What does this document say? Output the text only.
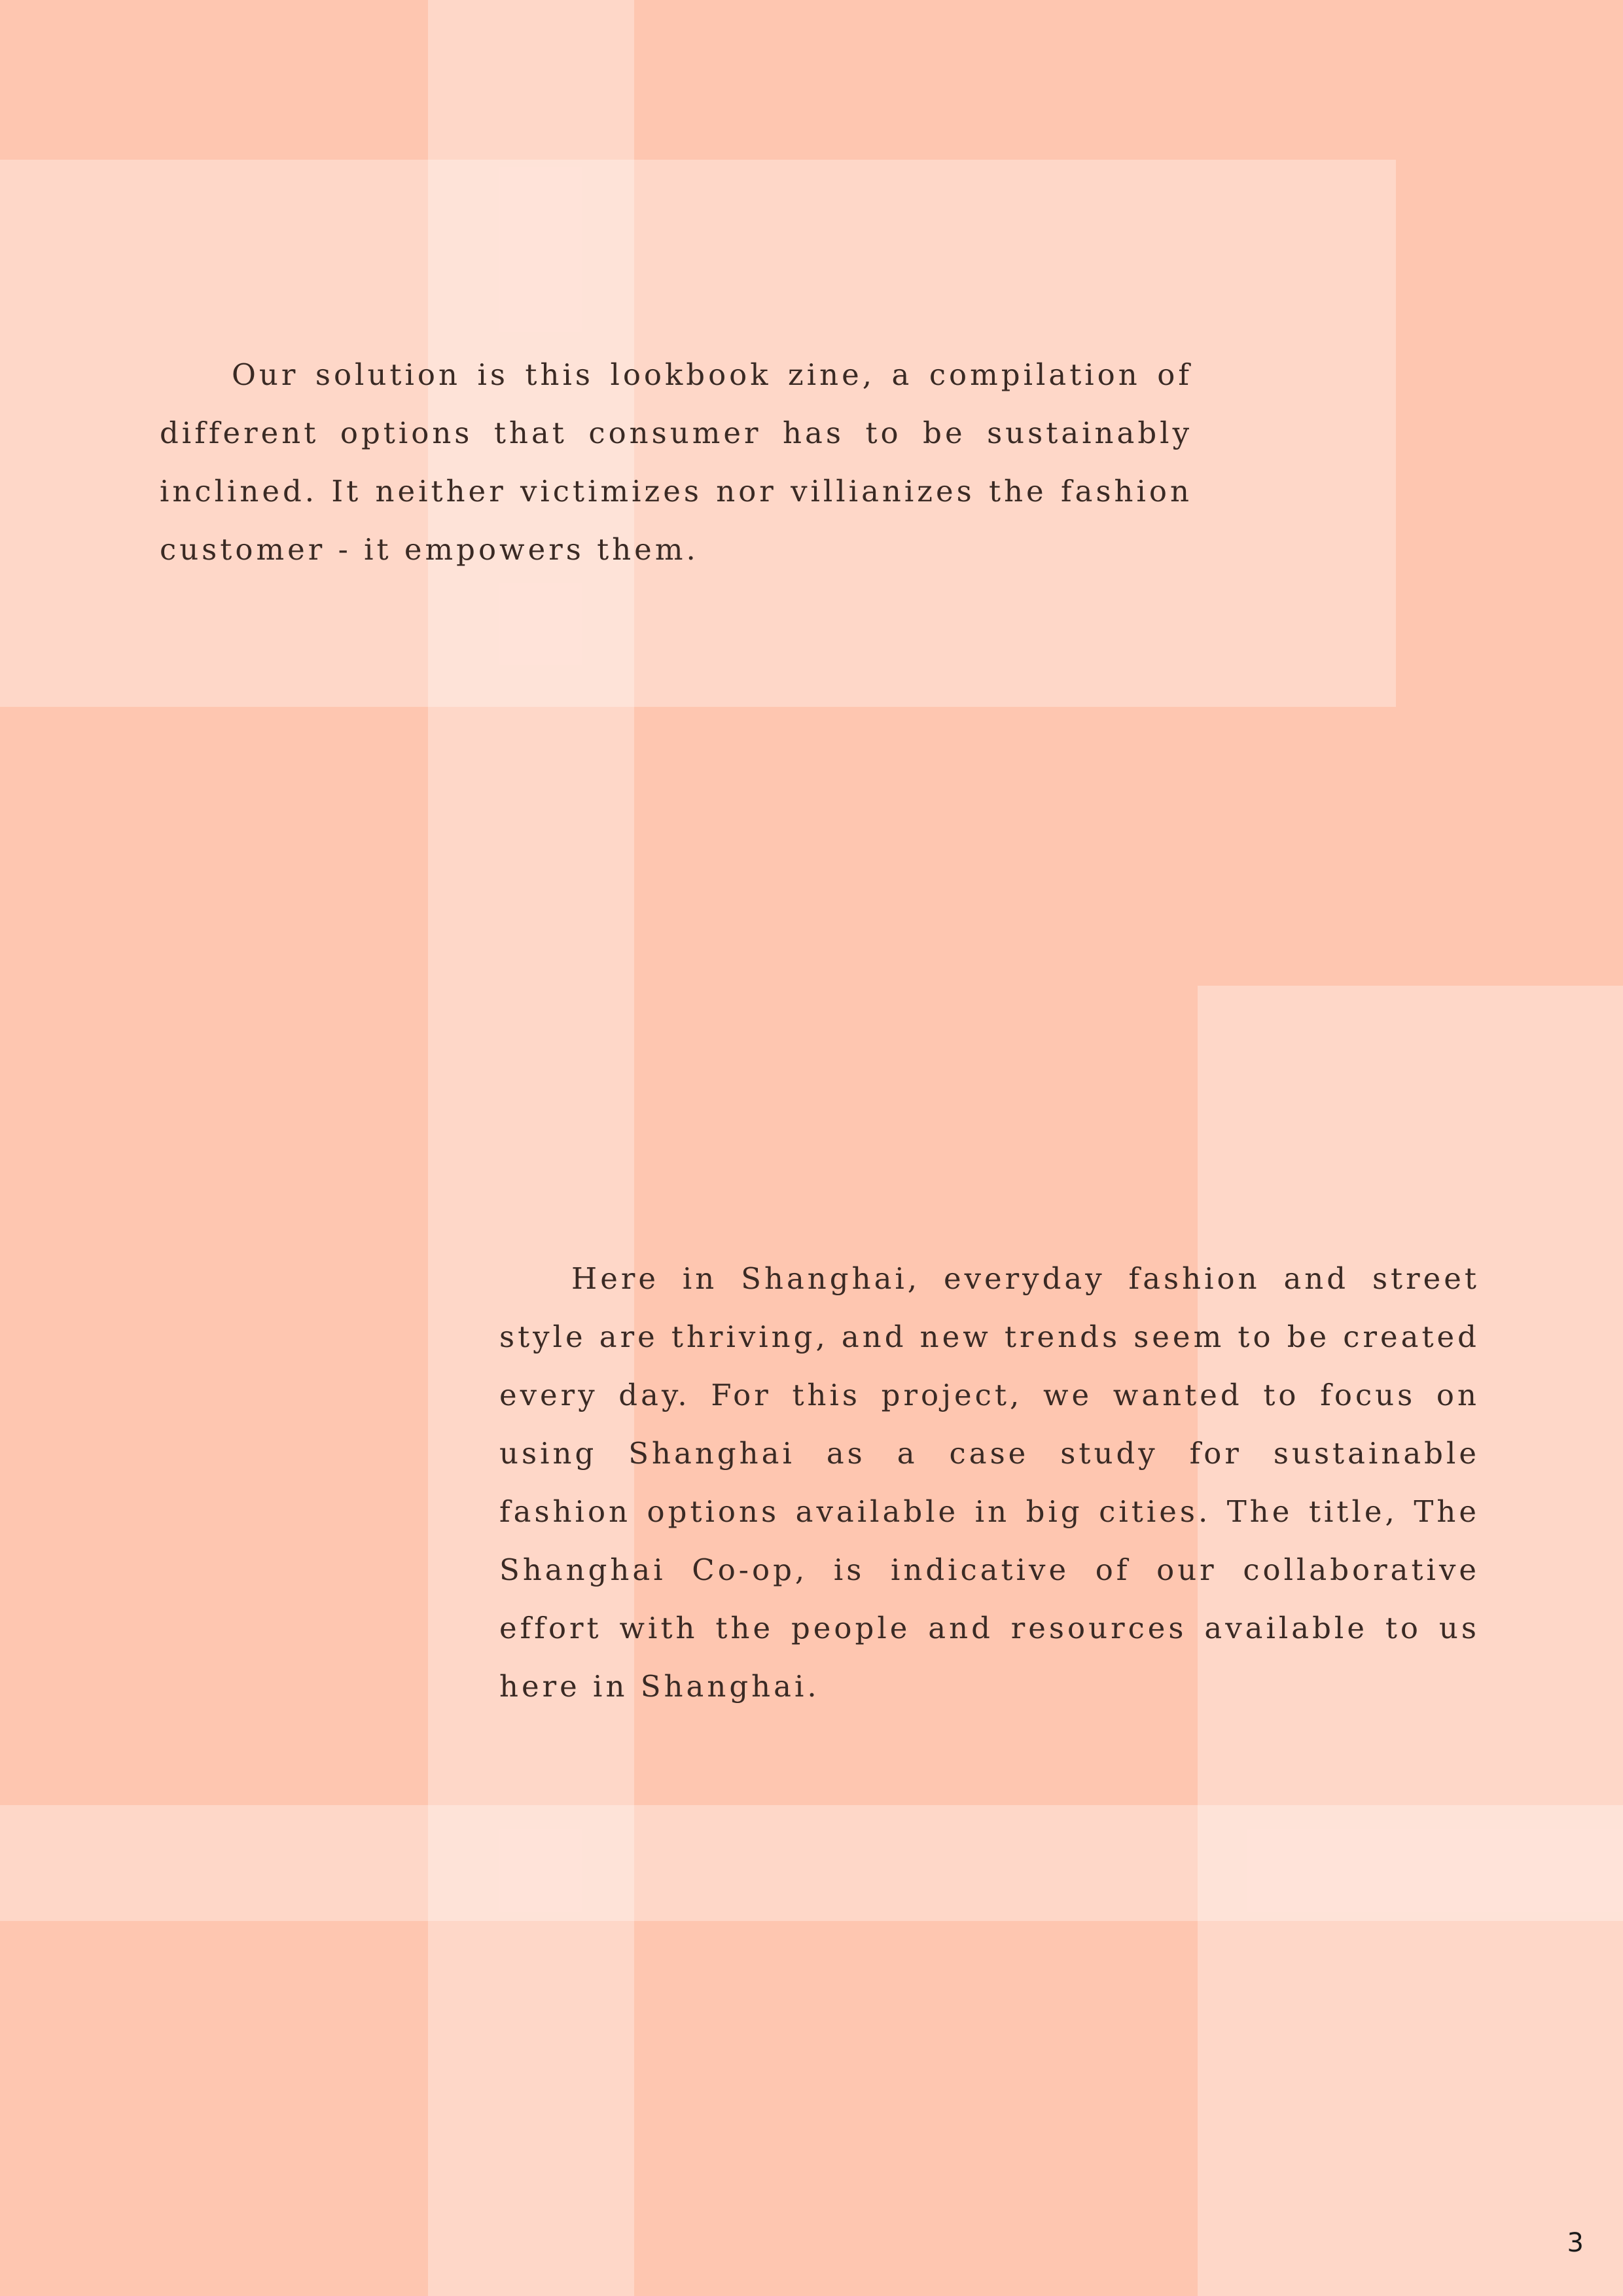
Our solution is this lookbook zine, a compilation of different options that consumer has to be sustainably inclined. It neither victimizes nor villianizes the fashion customer - it empowers them.

Here in Shanghai, everyday fashion and street style are thriving, and new trends seem to be created every day. For this project, we wanted to focus on using Shanghai as a case study for sustainable fashion options available in big cities. The title, The Shanghai Co-op, is indicative of our collaborative effort with the people and resources available to us here in Shanghai.

3
